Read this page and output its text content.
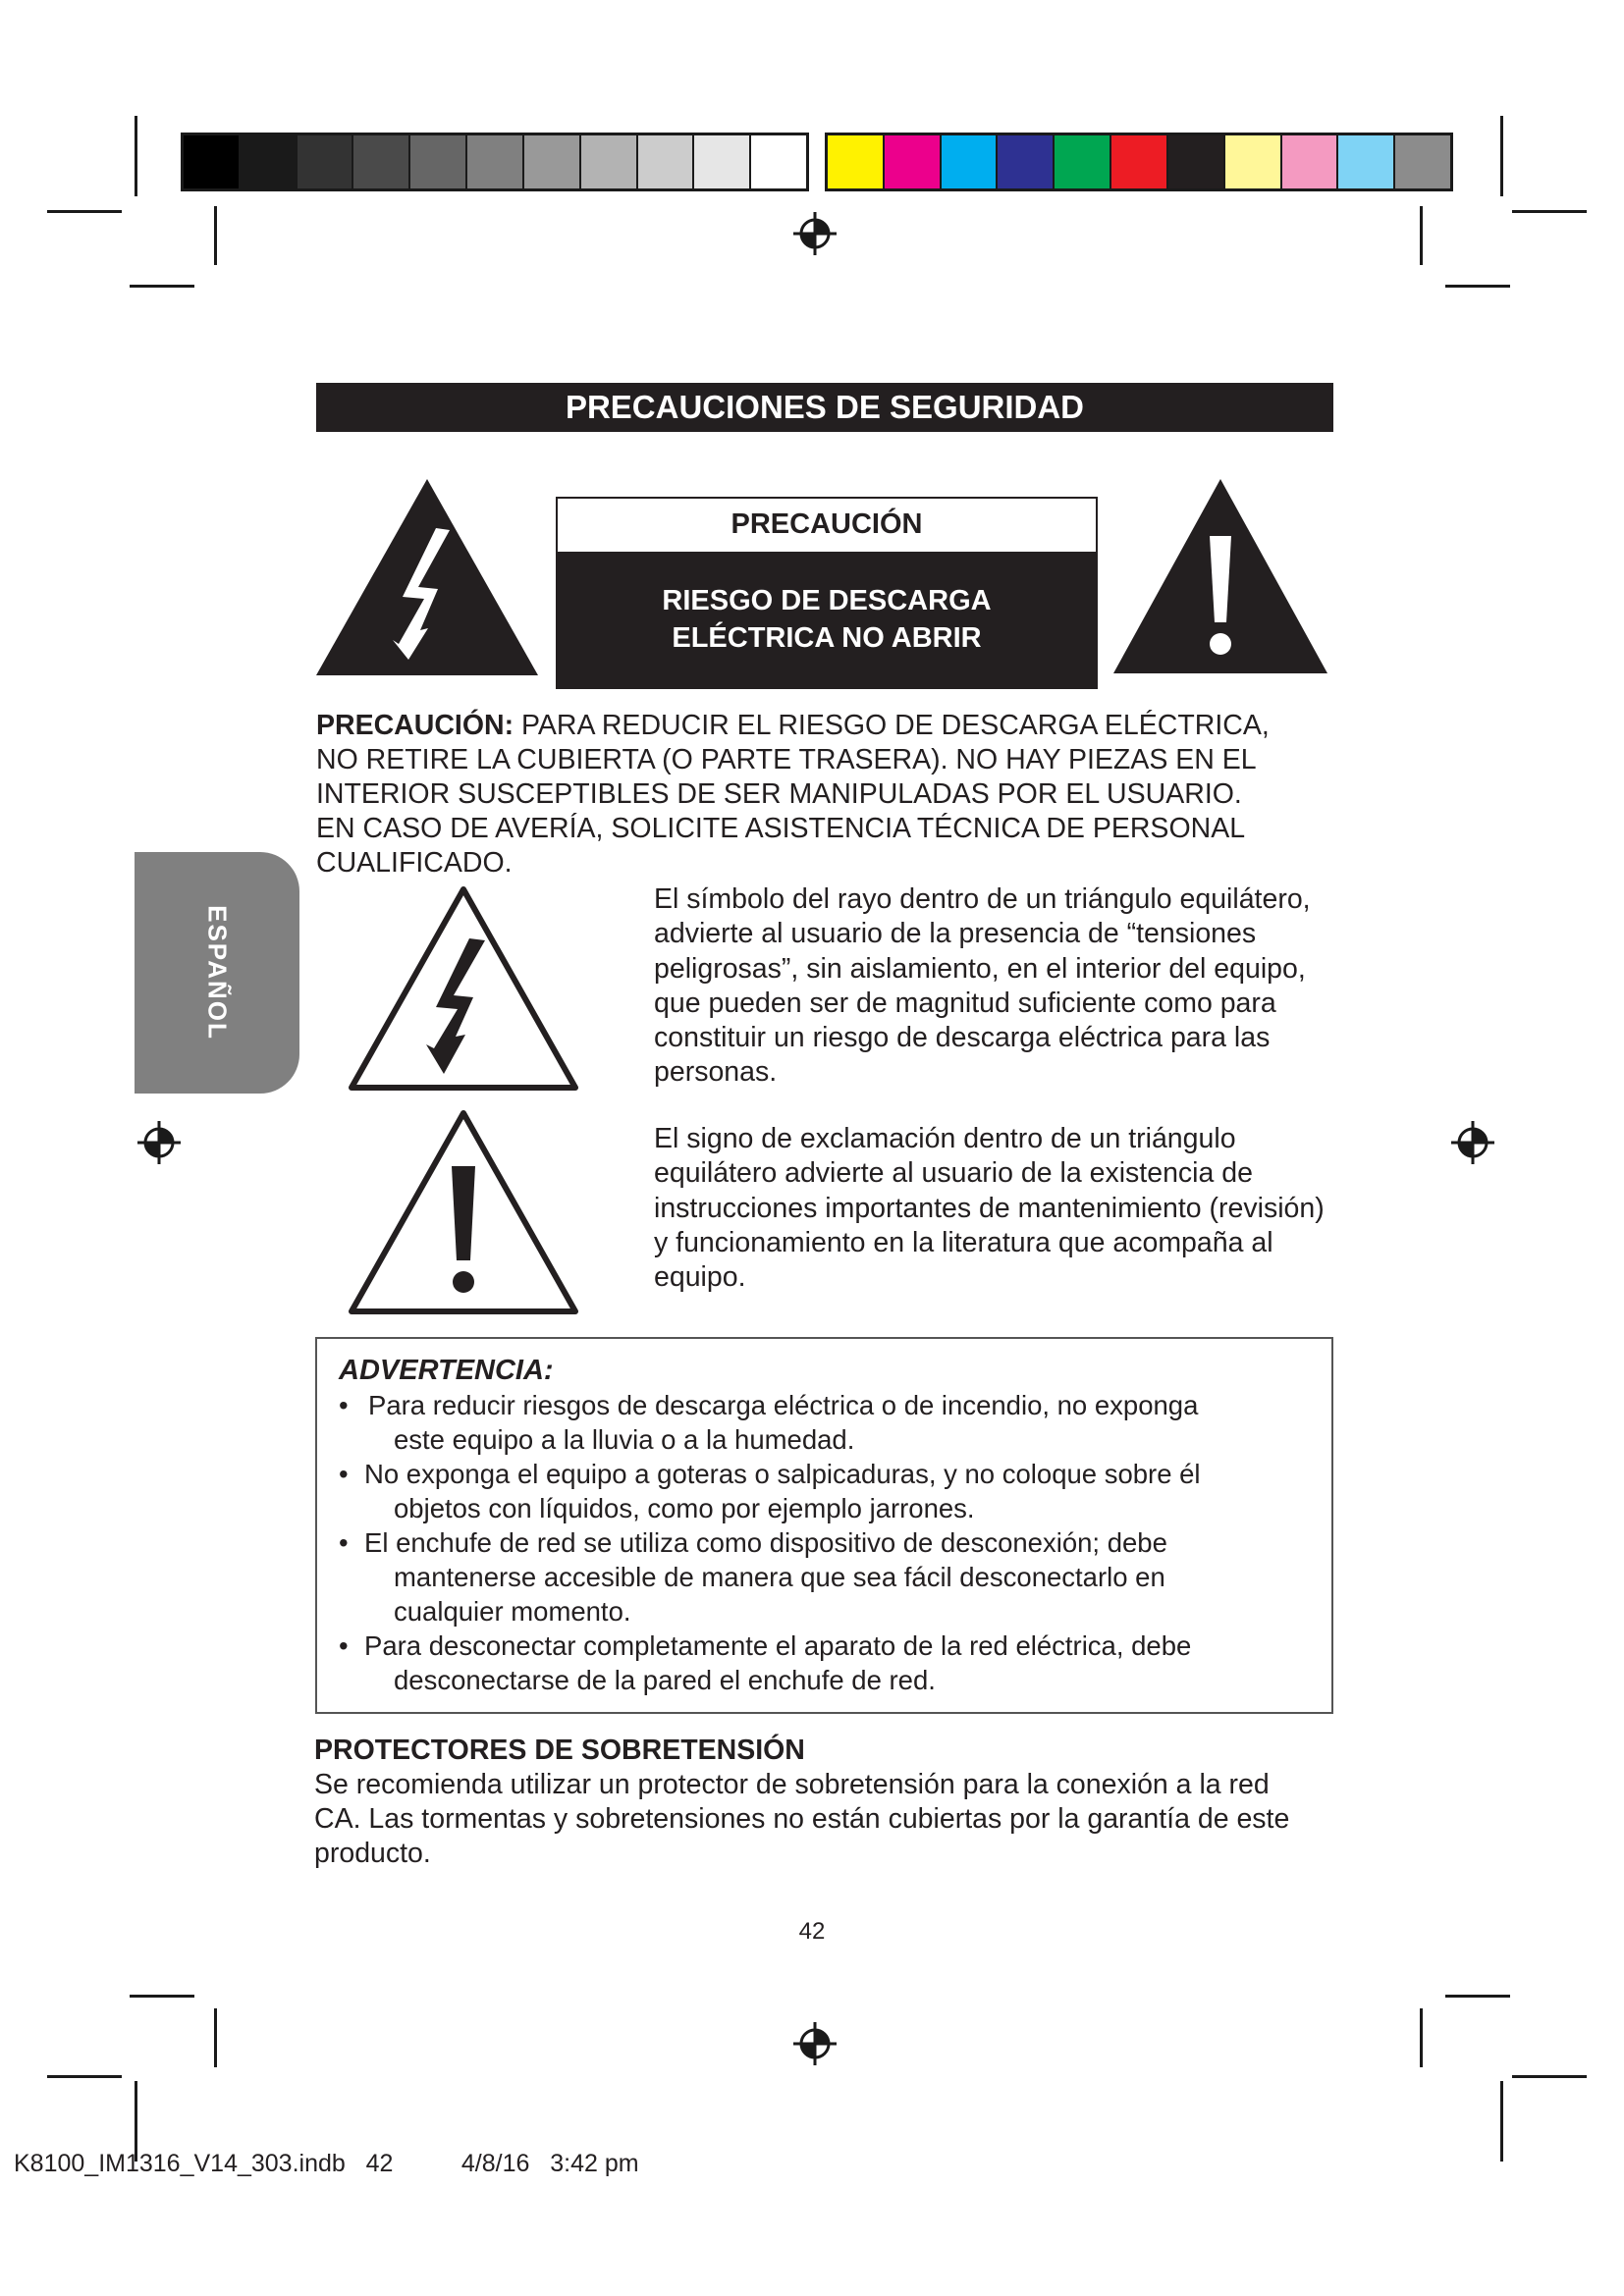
PRECAUCIONES DE SEGURIDAD
PRECAUCIÓN
RIESGO DE DESCARGA
ELÉCTRICA NO ABRIR
PRECAUCIÓN: PARA REDUCIR EL RIESGO DE DESCARGA ELÉCTRICA,
NO RETIRE LA CUBIERTA (O PARTE TRASERA). NO HAY PIEZAS EN EL
INTERIOR SUSCEPTIBLES DE SER MANIPULADAS POR EL USUARIO.
EN CASO DE AVERÍA, SOLICITE ASISTENCIA TÉCNICA DE PERSONAL
CUALIFICADO.
ESPAÑOL
El símbolo del rayo dentro de un triángulo equilátero,
advierte al usuario de la presencia de “tensiones
peligrosas”, sin aislamiento, en el interior del equipo,
que pueden ser de magnitud suficiente como para
constituir un riesgo de descarga eléctrica para las
personas.
El signo de exclamación dentro de un triángulo
equilátero advierte al usuario de la existencia de
instrucciones importantes de mantenimiento (revisión)
y funcionamiento en la literatura que acompaña al
equipo.
ADVERTENCIA:
• Para reducir riesgos de descarga eléctrica o de incendio, no exponga
este equipo a la lluvia o a la humedad.
• No exponga el equipo a goteras o salpicaduras, y no coloque sobre él
objetos con líquidos, como por ejemplo jarrones.
• El enchufe de red se utiliza como dispositivo de desconexión; debe
mantenerse accesible de manera que sea fácil desconectarlo en
cualquier momento.
• Para desconectar completamente el aparato de la red eléctrica, debe
desconectarse de la pared el enchufe de red.
PROTECTORES DE SOBRETENSIÓN
Se recomienda utilizar un protector de sobretensión para la conexión a la red
CA. Las tormentas y sobretensiones no están cubiertas por la garantía de este
producto.
42
K8100_IM1316_V14_303.indb   42          4/8/16   3:42 pm
